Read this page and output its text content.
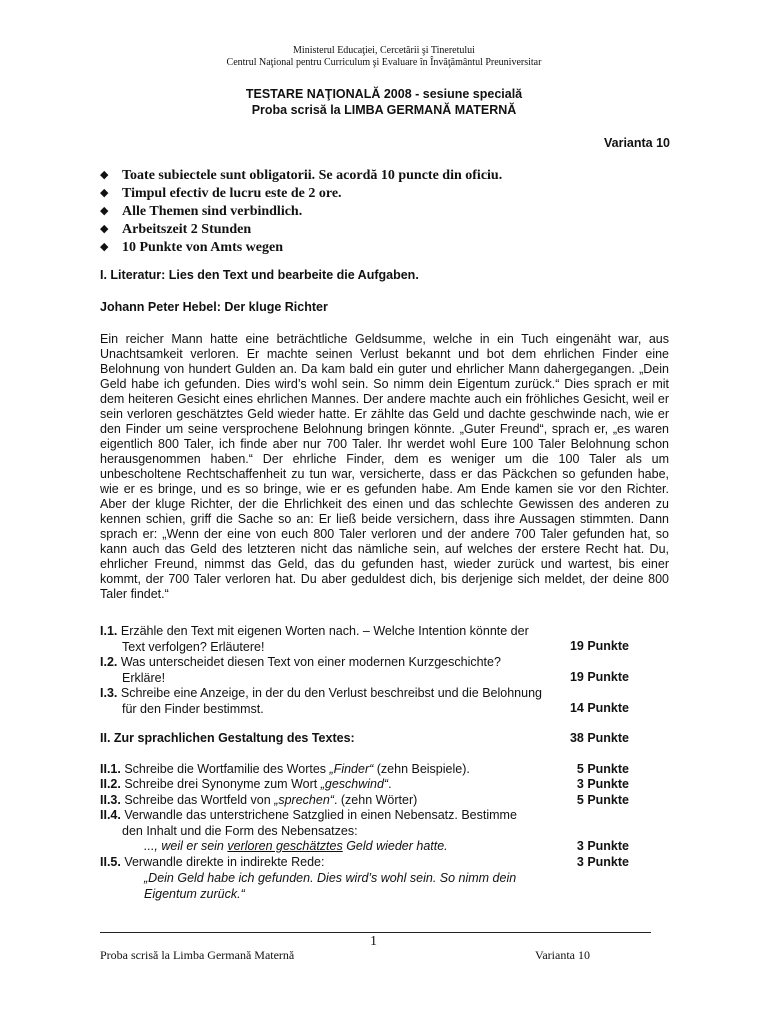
Ministerul Educaţiei, Cercetării şi Tineretului
Centrul Naţional pentru Curriculum şi Evaluare în Învăţământul Preuniversitar
TESTARE NAŢIONALĂ 2008 - sesiune specială
Proba scrisă la LIMBA GERMANĂ MATERNĂ
Varianta 10
◆ Toate subiectele sunt obligatorii. Se acordă 10 puncte din oficiu.
◆ Timpul efectiv de lucru este de 2 ore.
◆ Alle Themen sind verbindlich.
◆ Arbeitszeit 2 Stunden
◆ 10 Punkte von Amts wegen
I. Literatur: Lies den Text und bearbeite die Aufgaben.
Johann Peter Hebel: Der kluge Richter

Ein reicher Mann hatte eine beträchtliche Geldsumme, welche in ein Tuch eingenäht war, aus Unachtsamkeit verloren. Er machte seinen Verlust bekannt und bot dem ehrlichen Finder eine Belohnung von hundert Gulden an. Da kam bald ein guter und ehrlicher Mann dahergegangen. „Dein Geld habe ich gefunden. Dies wird’s wohl sein. So nimm dein Eigentum zurück.“ Dies sprach er mit dem heiteren Gesicht eines ehrlichen Mannes. Der andere machte auch ein fröhliches Gesicht, weil er sein verloren geschätztes Geld wieder hatte. Er zählte das Geld und dachte geschwinde nach, wie er den Finder um seine versprochene Belohnung bringen könnte. „Guter Freund“, sprach er, „es waren eigentlich 800 Taler, ich finde aber nur 700 Taler. Ihr werdet wohl Eure 100 Taler Belohnung schon herausgenommen haben.“ Der ehrliche Finder, dem es weniger um die 100 Taler als um unbescholtene Rechtschaffenheit zu tun war, versicherte, dass er das Päckchen so gefunden habe, wie er es bringe, und es so bringe, wie er es gefunden habe. Am Ende kamen sie vor den Richter. Aber der kluge Richter, der die Ehrlichkeit des einen und das schlechte Gewissen des anderen zu kennen schien, griff die Sache so an: Er ließ beide versichern, dass ihre Aussagen stimmten. Dann sprach er: „Wenn der eine von euch 800 Taler verloren und der andere 700 Taler gefunden hat, so kann auch das Geld des letzteren nicht das nämliche sein, auf welches der erstere Recht hat. Du, ehrlicher Freund, nimmst das Geld, das du gefunden hast, wieder zurück und wartest, bis einer kommt, der 700 Taler verloren hat. Du aber geduldest dich, bis derjenige sich meldet, der deine 800 Taler findet.“

I.1. Erzähle den Text mit eigenen Worten nach. – Welche Intention könnte der
Text verfolgen? Erläutere!	19 Punkte
I.2. Was unterscheidet diesen Text von einer modernen Kurzgeschichte?
Erkläre!	19 Punkte
I.3. Schreibe eine Anzeige, in der du den Verlust beschreibst und die Belohnung
für den Finder bestimmst.	14 Punkte
II. Zur sprachlichen Gestaltung des Textes:	38 Punkte
II.1. Schreibe die Wortfamilie des Wortes „Finder“ (zehn Beispiele).	5 Punkte
II.2. Schreibe drei Synonyme zum Wort „geschwind“.	3 Punkte
II.3. Schreibe das Wortfeld von „sprechen“. (zehn Wörter)	5 Punkte
II.4. Verwandle das unterstrichene Satzglied in einen Nebensatz. Bestimme
den Inhalt und die Form des Nebensatzes:
..., weil er sein verloren geschätztes Geld wieder hatte.	3 Punkte
II.5. Verwandle direkte in indirekte Rede:	3 Punkte
„Dein Geld habe ich gefunden. Dies wird’s wohl sein. So nimm dein Eigentum zurück.“
1
Proba scrisă la Limba Germană Maternă	Varianta 10
